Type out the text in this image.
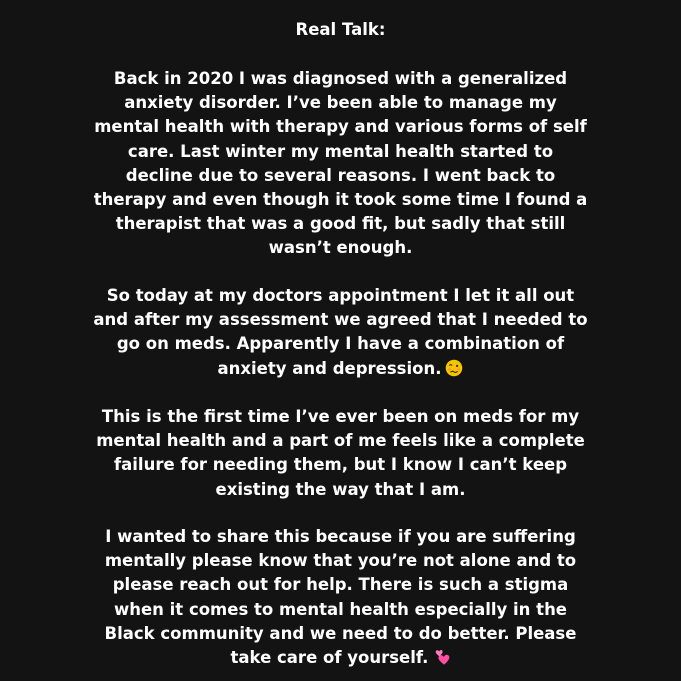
Real Talk:

Back in 2020 I was diagnosed with a generalized anxiety disorder. I’ve been able to manage my mental health with therapy and various forms of self care. Last winter my mental health started to decline due to several reasons. I went back to therapy and even though it took some time I found a therapist that was a good fit, but sadly that still wasn’t enough.

So today at my doctors appointment I let it all out and after my assessment we agreed that I needed to go on meds. Apparently I have a combination of anxiety and depression.

This is the first time I’ve ever been on meds for my mental health and a part of me feels like a complete failure for needing them, but I know I can’t keep existing the way that I am.

I wanted to share this because if you are suffering mentally please know that you’re not alone and to please reach out for help. There is such a stigma when it comes to mental health especially in the Black community and we need to do better. Please take care of yourself.
